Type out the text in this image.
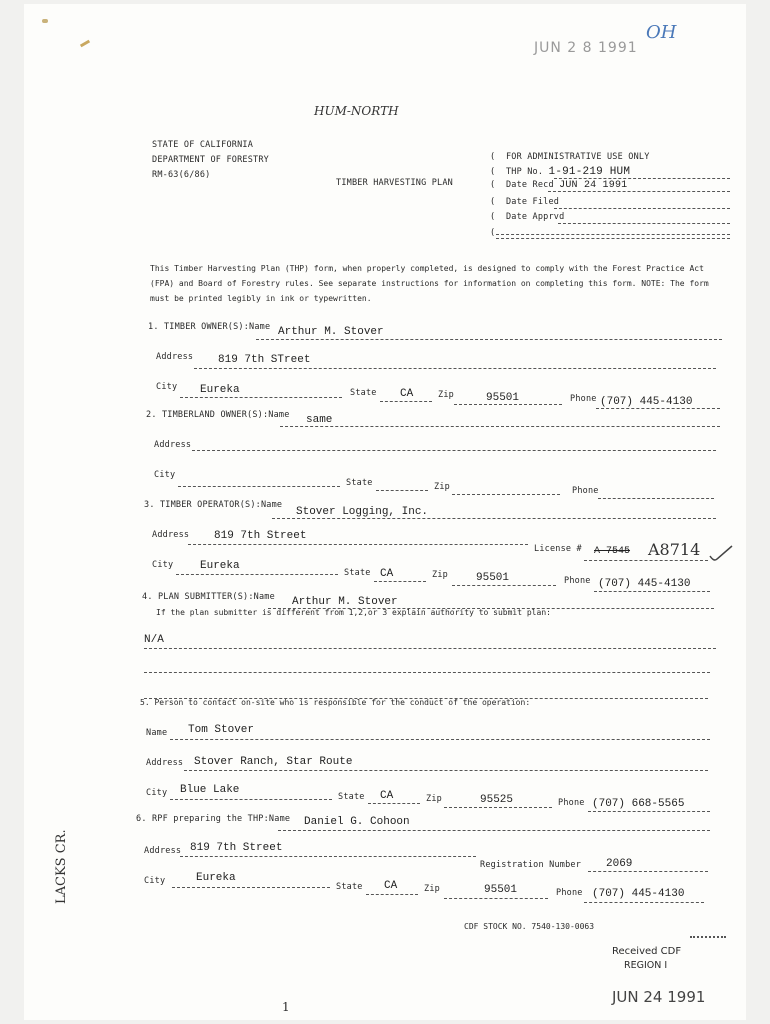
JUN 2 8 1991
OH
HUM-NORTH
STATE OF CALIFORNIA
DEPARTMENT OF FORESTRY
RM-63(6/86)
TIMBER HARVESTING PLAN
(  FOR ADMINISTRATIVE USE ONLY
(  THP No. 1-91-219 HUM
(  Date Recd JUN 24 1991
(  Date Filed
(  Date Apprvd
(
This Timber Harvesting Plan (THP) form, when properly completed, is designed to comply with the Forest Practice Act
(FPA) and Board of Forestry rules. See separate instructions for information on completing this form. NOTE: The form
must be printed legibly in ink or typewritten.
1. TIMBER OWNER(S):Name Arthur M. Stover
Address 819 7th STreet
City Eureka	State CA	Zip	95501	Phone (707) 445-4130
2. TIMBERLAND OWNER(S):Name same
Address
City
State	Zip	Phone
3. TIMBER OPERATOR(S):Name
Stover Logging, Inc.
Address 819 7th Street
License # A 7545 A8714
City Eureka
State CA	Zip	95501	Phone (707) 445-4130
4. PLAN SUBMITTER(S):Name Arthur M. Stover
If the plan submitter is different from 1,2,or 3 explain authority to submit plan:
N/A
5. Person to contact on-site who is responsible for the conduct of the operation:
Name Tom Stover
Address Stover Ranch, Star Route
City Blue Lake
State CA	Zip	95525	Phone (707) 668-5565
6. RPF preparing the THP:Name Daniel G. Cohoon
Address 819 7th Street
Registration Number 2069
City	Eureka
State CA	Zip	95501	Phone (707) 445-4130
CDF STOCK NO. 7540-130-0063
Received CDF
REGION I
JUN 24 1991
1
LACKS CR.
